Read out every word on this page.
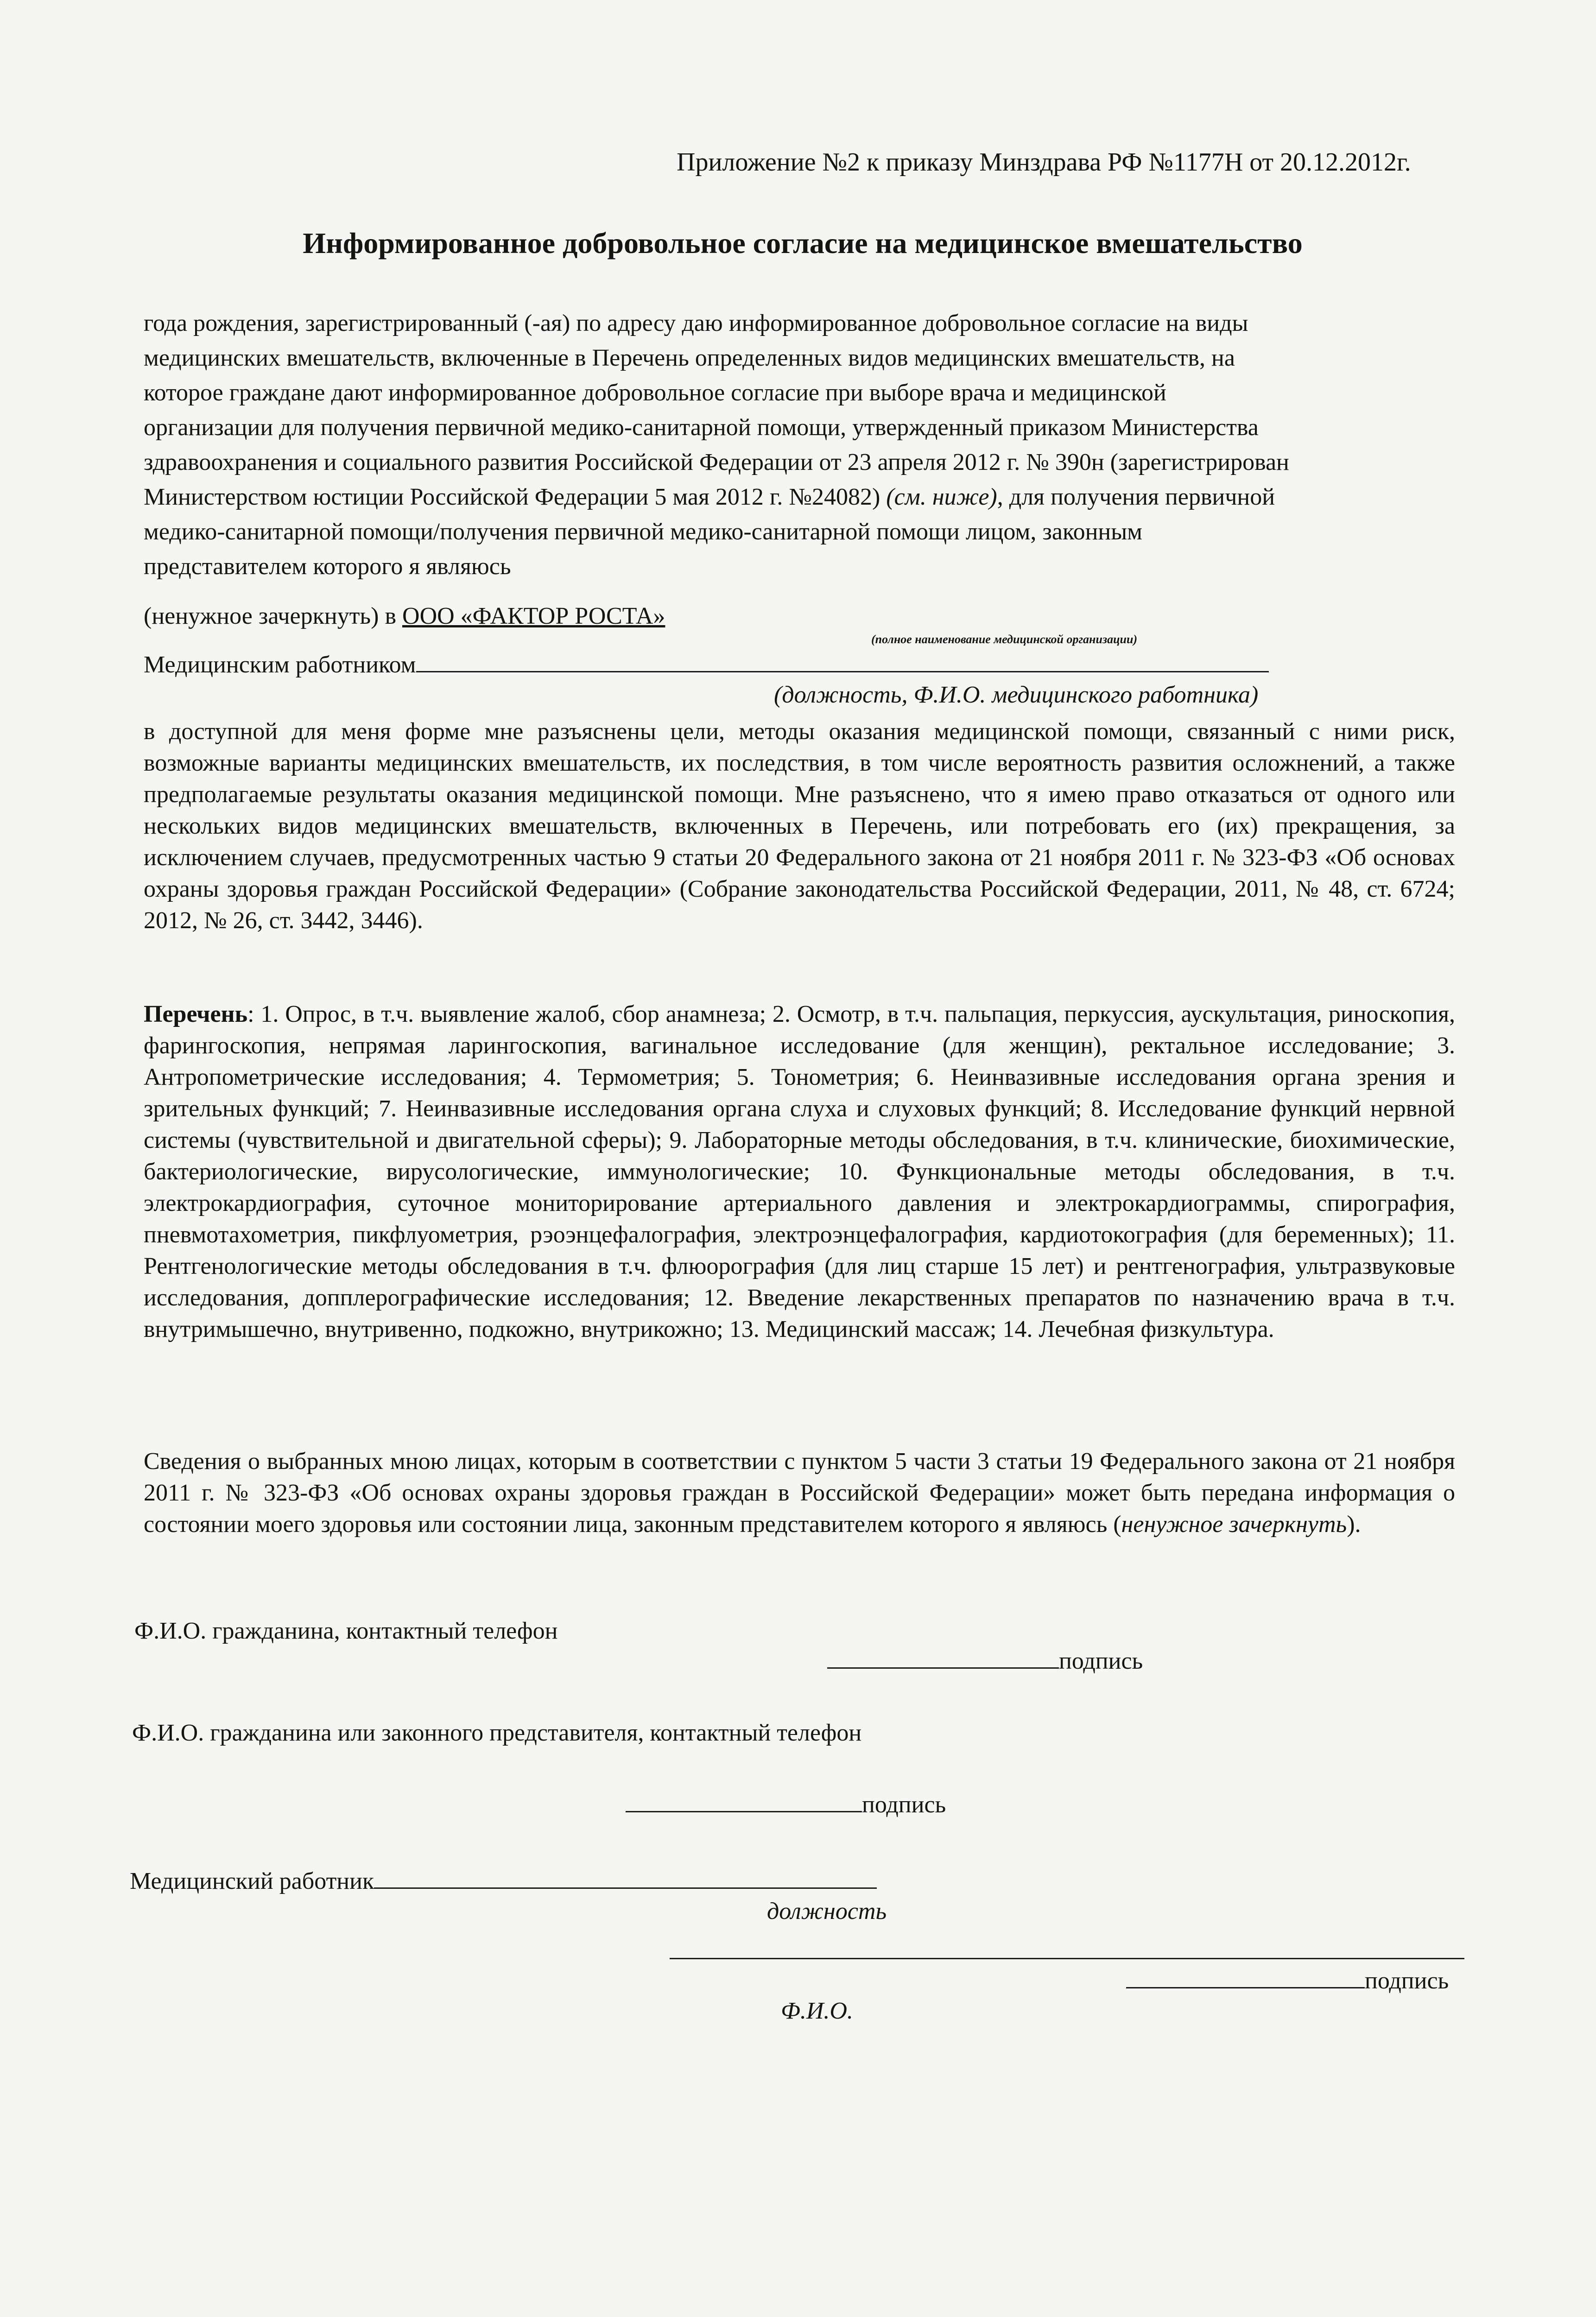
Приложение №2 к приказу Минздрава РФ №1177Н от 20.12.2012г.
Информированное добровольное согласие на медицинское вмешательство
года рождения, зарегистрированный (-ая) по адресу даю информированное добровольное согласие на виды
медицинских вмешательств, включенные в Перечень определенных видов медицинских вмешательств, на
которое граждане дают информированное добровольное согласие при выборе врача и медицинской
организации для получения первичной медико-санитарной помощи, утвержденный приказом Министерства
здравоохранения и социального развития Российской Федерации от 23 апреля 2012 г. № 390н (зарегистрирован
Министерством юстиции Российской Федерации 5 мая 2012 г. №24082) (см. ниже), для получения первичной
медико-санитарной помощи/получения первичной медико-санитарной помощи лицом, законным
представителем которого я являюсь
(ненужное зачеркнуть) в ООО «ФАКТОР РОСТА»
(полное наименование медицинской организации)
Медицинским работником
(должность, Ф.И.О. медицинского работника)
в доступной для меня форме мне разъяснены цели, методы оказания медицинской помощи, связанный с ними риск, возможные варианты медицинских вмешательств, их последствия, в том числе вероятность развития осложнений, а также предполагаемые результаты оказания медицинской помощи. Мне разъяснено, что я имею право отказаться от одного или нескольких видов медицинских вмешательств, включенных в Перечень, или потребовать его (их) прекращения, за исключением случаев, предусмотренных частью 9 статьи 20 Федерального закона от 21 ноября 2011 г. № 323-ФЗ «Об основах охраны здоровья граждан Российской Федерации» (Собрание законодательства Российской Федерации, 2011, № 48, ст. 6724; 2012, № 26, ст. 3442, 3446).
Перечень: 1. Опрос, в т.ч. выявление жалоб, сбор анамнеза; 2. Осмотр, в т.ч. пальпация, перкуссия, аускультация, риноскопия, фарингоскопия, непрямая ларингоскопия, вагинальное исследование (для женщин), ректальное исследование; 3. Антропометрические исследования; 4. Термометрия; 5. Тонометрия; 6. Неинвазивные исследования органа зрения и зрительных функций; 7. Неинвазивные исследования органа слуха и слуховых функций; 8. Исследование функций нервной системы (чувствительной и двигательной сферы); 9. Лабораторные методы обследования, в т.ч. клинические, биохимические, бактериологические, вирусологические, иммунологические; 10. Функциональные методы обследования, в т.ч. электрокардиография, суточное мониторирование артериального давления и электрокардиограммы, спирография, пневмотахометрия, пикфлуометрия, рэоэнцефалография, электроэнцефалография, кардиотокография (для беременных); 11. Рентгенологические методы обследования в т.ч. флюорография (для лиц старше 15 лет) и рентгенография, ультразвуковые исследования, допплерографические исследования; 12. Введение лекарственных препаратов по назначению врача в т.ч. внутримышечно, внутривенно, подкожно, внутрикожно; 13. Медицинский массаж; 14. Лечебная физкультура.
Сведения о выбранных мною лицах, которым в соответствии с пунктом 5 части 3 статьи 19 Федерального закона от 21 ноября 2011 г. № 323-ФЗ «Об основах охраны здоровья граждан в Российской Федерации» может быть передана информация о состоянии моего здоровья или состоянии лица, законным представителем которого я являюсь (ненужное зачеркнуть).
Ф.И.О. гражданина, контактный телефон
подпись
Ф.И.О. гражданина или законного представителя, контактный телефон
подпись
Медицинский работник
должность
подпись
Ф.И.О.
